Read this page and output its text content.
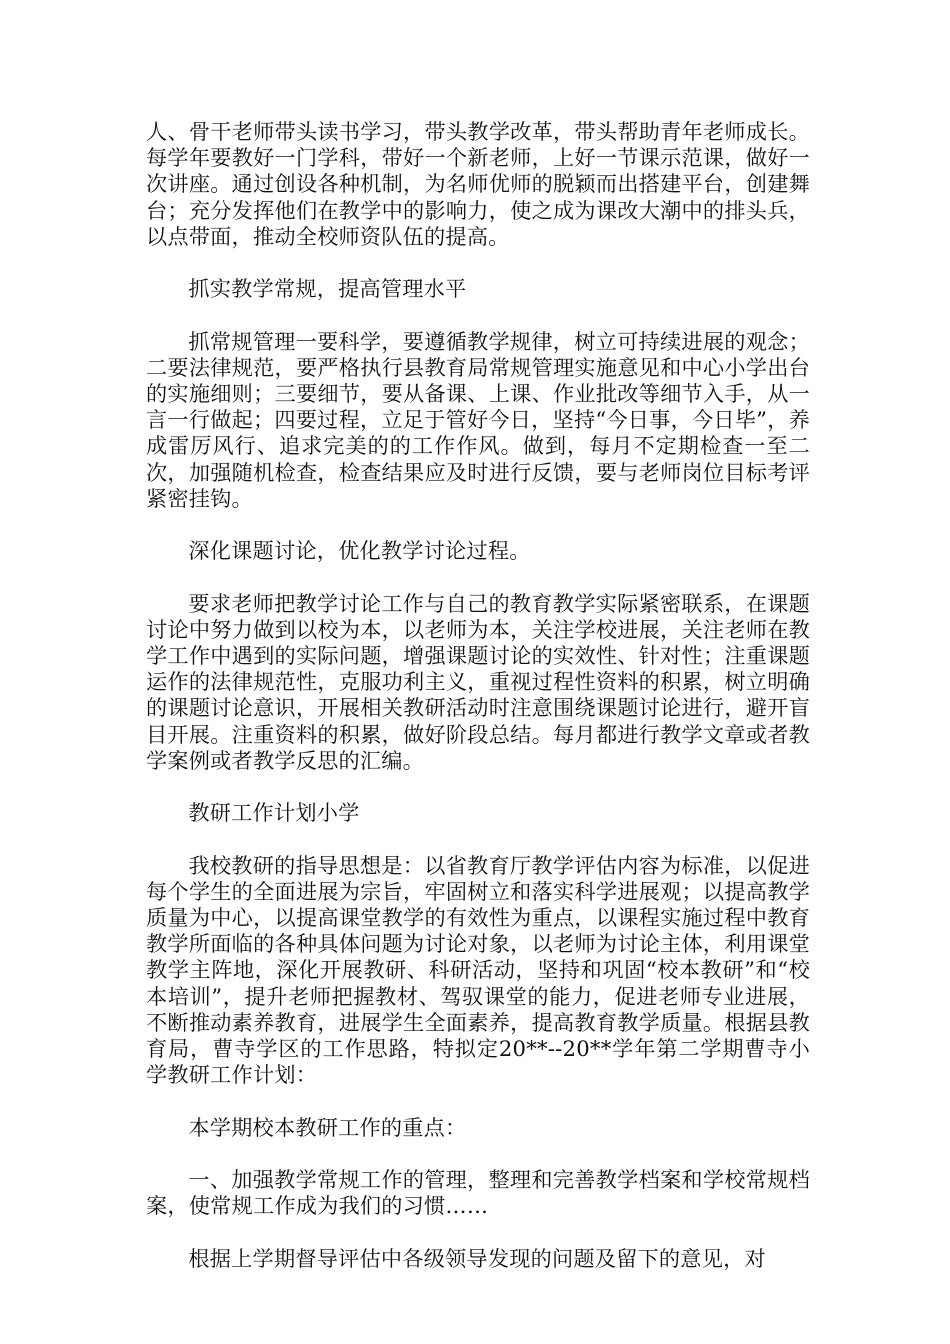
人、骨干老师带头读书学习，带头教学改革，带头帮助青年老师成长。每学年要教好一门学科，带好一个新老师，上好一节课示范课，做好一次讲座。通过创设各种机制，为名师优师的脱颖而出搭建平台，创建舞台；充分发挥他们在教学中的影响力，使之成为课改大潮中的排头兵，以点带面，推动全校师资队伍的提高。

抓实教学常规，提高管理水平

抓常规管理一要科学，要遵循教学规律，树立可持续进展的观念；二要法律规范，要严格执行县教育局常规管理实施意见和中心小学出台的实施细则；三要细节，要从备课、上课、作业批改等细节入手，从一言一行做起；四要过程，立足于管好今日，坚持“今日事，今日毕”，养成雷厉风行、追求完美的的工作作风。做到，每月不定期检查一至二次，加强随机检查，检查结果应及时进行反馈，要与老师岗位目标考评紧密挂钩。

深化课题讨论，优化教学讨论过程。

要求老师把教学讨论工作与自己的教育教学实际紧密联系，在课题讨论中努力做到以校为本，以老师为本，关注学校进展，关注老师在教学工作中遇到的实际问题，增强课题讨论的实效性、针对性；注重课题运作的法律规范性，克服功利主义，重视过程性资料的积累，树立明确的课题讨论意识，开展相关教研活动时注意围绕课题讨论进行，避开盲目开展。注重资料的积累，做好阶段总结。每月都进行教学文章或者教学案例或者教学反思的汇编。

教研工作计划小学

我校教研的指导思想是：以省教育厅教学评估内容为标准，以促进每个学生的全面进展为宗旨，牢固树立和落实科学进展观；以提高教学质量为中心，以提高课堂教学的有效性为重点，以课程实施过程中教育教学所面临的各种具体问题为讨论对象，以老师为讨论主体，利用课堂教学主阵地，深化开展教研、科研活动，坚持和巩固“校本教研”和“校本培训”，提升老师把握教材、驾驭课堂的能力，促进老师专业进展，不断推动素养教育，进展学生全面素养，提高教育教学质量。根据县教育局，曹寺学区的工作思路，特拟定20**--20**学年第二学期曹寺小学教研工作计划：

本学期校本教研工作的重点：

一、加强教学常规工作的管理，整理和完善教学档案和学校常规档案，使常规工作成为我们的习惯……

根据上学期督导评估中各级领导发现的问题及留下的意见，对
